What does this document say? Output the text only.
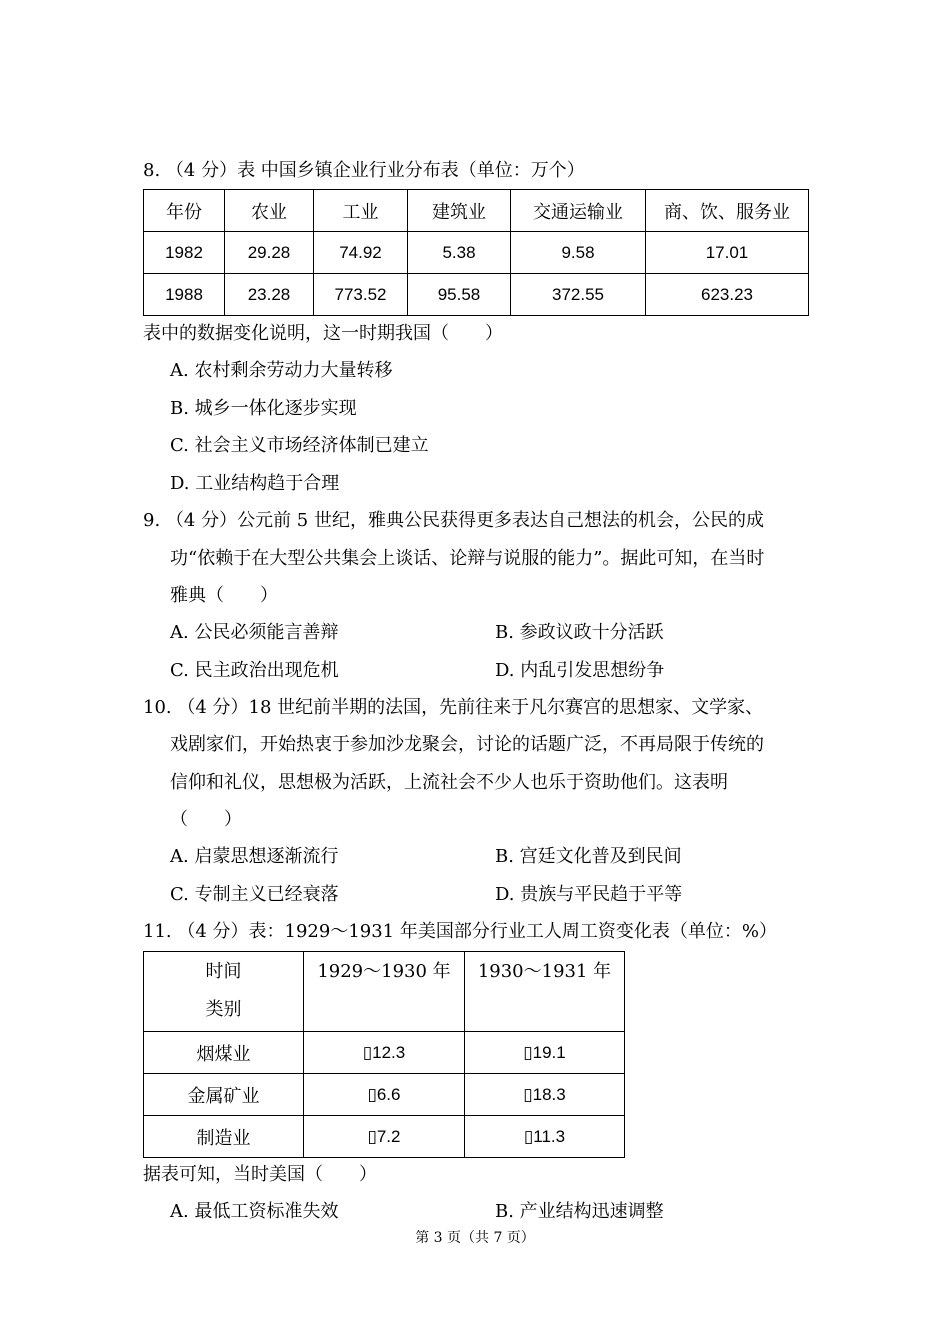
8. （4 分）表 中国乡镇企业行业分布表（单位：万个）
年份	农业	工业	建筑业	交通运输业	商、饮、服务业
1982	29.28	74.92	5.38	9.58	17.01
1988	23.28	773.52	95.58	372.55	623.23
表中的数据变化说明，这一时期我国（　　）
A. 农村剩余劳动力大量转移
B. 城乡一体化逐步实现
C. 社会主义市场经济体制已建立
D. 工业结构趋于合理
9. （4 分）公元前 5 世纪，雅典公民获得更多表达自己想法的机会，公民的成
功“依赖于在大型公共集会上谈话、论辩与说服的能力”。据此可知，在当时
雅典（　　）
A. 公民必须能言善辩	B. 参政议政十分活跃
C. 民主政治出现危机	D. 内乱引发思想纷争
10. （4 分）18 世纪前半期的法国，先前往来于凡尔赛宫的思想家、文学家、
戏剧家们，开始热衷于参加沙龙聚会，讨论的话题广泛，不再局限于传统的
信仰和礼仪，思想极为活跃，上流社会不少人也乐于资助他们。这表明
（　　）
A. 启蒙思想逐渐流行	B. 宫廷文化普及到民间
C. 专制主义已经衰落	D. 贵族与平民趋于平等
11. （4 分）表：1929～1931 年美国部分行业工人周工资变化表（单位：%）
时间
类别	1929～1930 年	1930～1931 年
烟煤业	▯12.3	▯19.1
金属矿业	▯6.6	▯18.3
制造业	▯7.2	▯11.3
据表可知，当时美国（　　）
A. 最低工资标准失效	B. 产业结构迅速调整
第 3 页（共 7 页）
